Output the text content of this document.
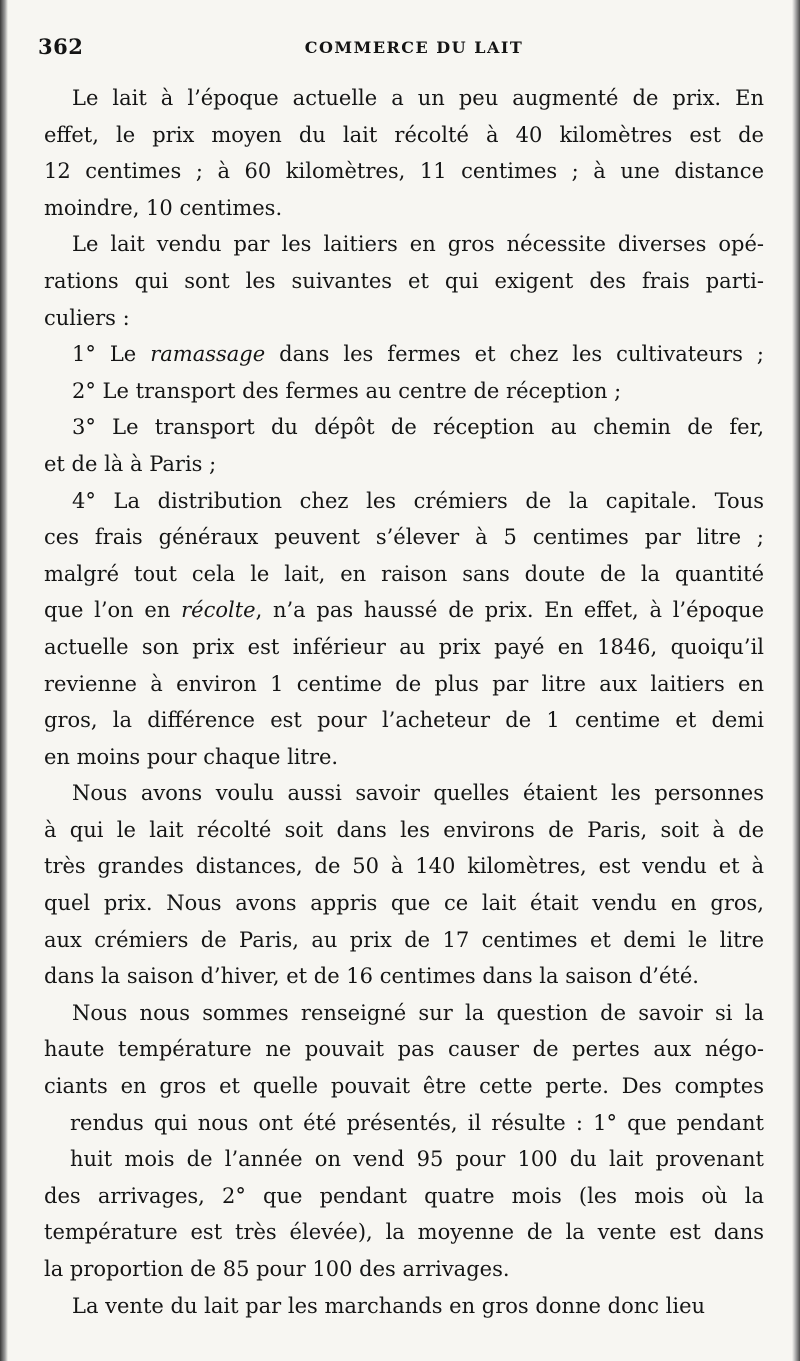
362	COMMERCE DU LAIT
Le lait à l’époque actuelle a un peu augmenté de prix. En
effet, le prix moyen du lait récolté à 40 kilomètres est de
12 centimes ; à 60 kilomètres, 11 centimes ; à une distance
moindre, 10 centimes.
Le lait vendu par les laitiers en gros nécessite diverses opé-
rations qui sont les suivantes et qui exigent des frais parti-
culiers :
1° Le ramassage dans les fermes et chez les cultivateurs ;
2° Le transport des fermes au centre de réception ;
3° Le transport du dépôt de réception au chemin de fer,
et de là à Paris ;
4° La distribution chez les crémiers de la capitale. Tous
ces frais généraux peuvent s’élever à 5 centimes par litre ;
malgré tout cela le lait, en raison sans doute de la quantité
que l’on en récolte, n’a pas haussé de prix. En effet, à l’époque
actuelle son prix est inférieur au prix payé en 1846, quoiqu’il
revienne à environ 1 centime de plus par litre aux laitiers en
gros, la différence est pour l’acheteur de 1 centime et demi
en moins pour chaque litre.
Nous avons voulu aussi savoir quelles étaient les personnes
à qui le lait récolté soit dans les environs de Paris, soit à de
très grandes distances, de 50 à 140 kilomètres, est vendu et à
quel prix. Nous avons appris que ce lait était vendu en gros,
aux crémiers de Paris, au prix de 17 centimes et demi le litre
dans la saison d’hiver, et de 16 centimes dans la saison d’été.
Nous nous sommes renseigné sur la question de savoir si la
haute température ne pouvait pas causer de pertes aux négo-
ciants en gros et quelle pouvait être cette perte. Des comptes
rendus qui nous ont été présentés, il résulte : 1° que pendant
huit mois de l’année on vend 95 pour 100 du lait provenant
des arrivages, 2° que pendant quatre mois (les mois où la
température est très élevée), la moyenne de la vente est dans
la proportion de 85 pour 100 des arrivages.
La vente du lait par les marchands en gros donne donc lieu
